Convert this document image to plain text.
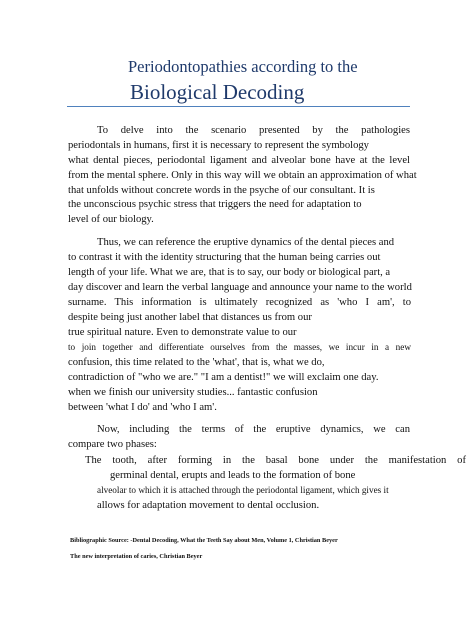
Periodontopathies according to the
Biological Decoding
To delve into the scenario presented by the pathologies
periodontals in humans, first it is necessary to represent the symbology
what dental pieces, periodontal ligament and alveolar bone have at the level
from the mental sphere. Only in this way will we obtain an approximation of what
that unfolds without concrete words in the psyche of our consultant. It is
the unconscious psychic stress that triggers the need for adaptation to
level of our biology.
Thus, we can reference the eruptive dynamics of the dental pieces and
to contrast it with the identity structuring that the human being carries out
length of your life. What we are, that is to say, our body or biological part, a
day discover and learn the verbal language and announce your name to the world
surname. This information is ultimately recognized as 'who I am', to
despite being just another label that distances us from our
true spiritual nature. Even to demonstrate value to our
to join together and differentiate ourselves from the masses, we incur in a new
confusion, this time related to the 'what', that is, what we do,
contradiction of "who we are." "I am a dentist!" we will exclaim one day.
when we finish our university studies... fantastic confusion
between 'what I do' and 'who I am'.
Now, including the terms of the eruptive dynamics, we can
compare two phases:
The tooth, after forming in the basal bone under the manifestation of
germinal dental, erupts and leads to the formation of bone
alveolar to which it is attached through the periodontal ligament, which gives it
allows for adaptation movement to dental occlusion.
Bibliographic Source: -Dental Decoding, What the Teeth Say about Men, Volume 1, Christian Beyer
The new interpretation of caries, Christian Beyer
